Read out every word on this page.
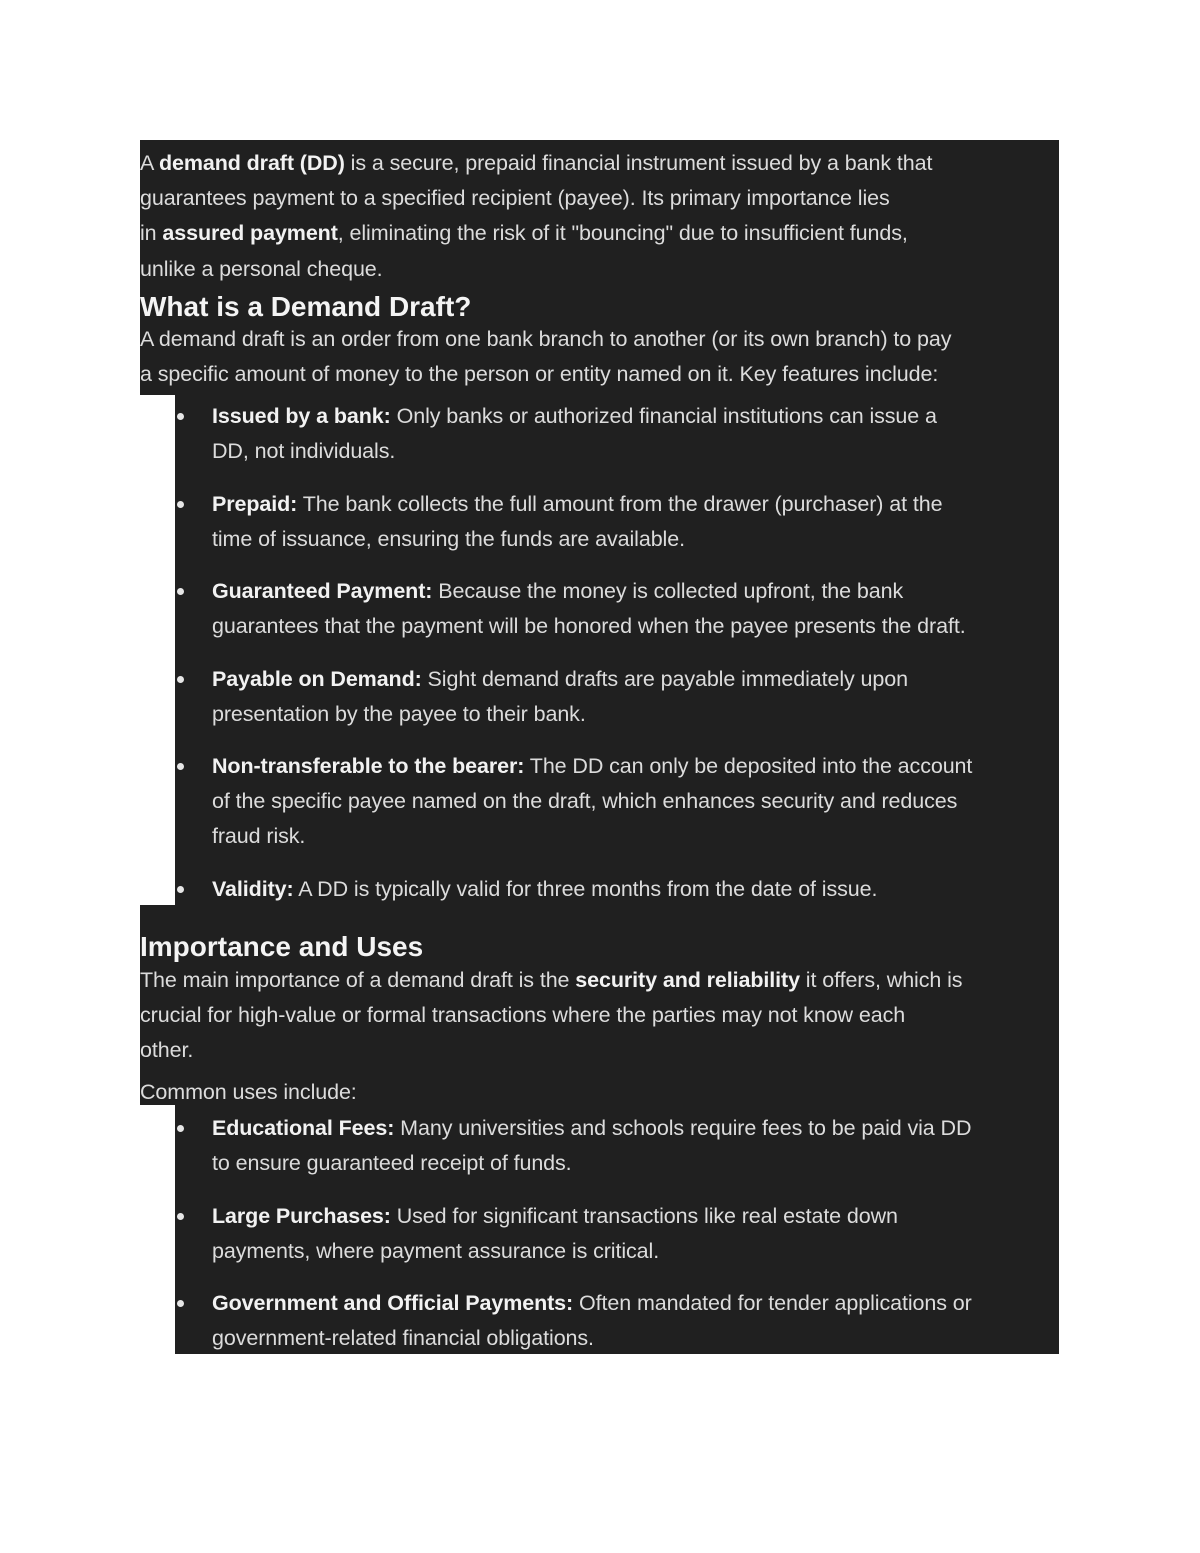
A demand draft (DD) is a secure, prepaid financial instrument issued by a bank that

guarantees payment to a specified recipient (payee). Its primary importance lies

in assured payment, eliminating the risk of it "bouncing" due to insufficient funds,

unlike a personal cheque.

What is a Demand Draft?

A demand draft is an order from one bank branch to another (or its own branch) to pay

a specific amount of money to the person or entity named on it. Key features include:

Issued by a bank: Only banks or authorized financial institutions can issue a
DD, not individuals.
Prepaid: The bank collects the full amount from the drawer (purchaser) at the
time of issuance, ensuring the funds are available.
Guaranteed Payment: Because the money is collected upfront, the bank
guarantees that the payment will be honored when the payee presents the draft.
Payable on Demand: Sight demand drafts are payable immediately upon
presentation by the payee to their bank.
Non-transferable to the bearer: The DD can only be deposited into the account
of the specific payee named on the draft, which enhances security and reduces
fraud risk.
Validity: A DD is typically valid for three months from the date of issue.
Importance and Uses

The main importance of a demand draft is the security and reliability it offers, which is

crucial for high-value or formal transactions where the parties may not know each

other.

Common uses include:

Educational Fees: Many universities and schools require fees to be paid via DD
to ensure guaranteed receipt of funds.
Large Purchases: Used for significant transactions like real estate down
payments, where payment assurance is critical.
Government and Official Payments: Often mandated for tender applications or
government-related financial obligations.
